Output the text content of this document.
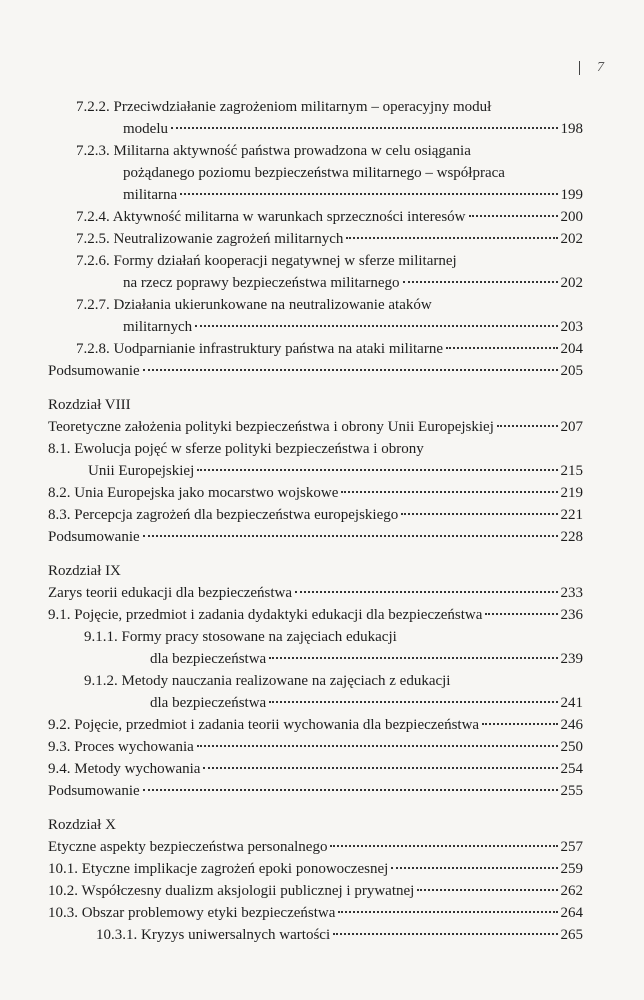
7
7.2.2. Przeciwdziałanie zagrożeniom militarnym – operacyjny moduł
modelu	198
7.2.3. Militarna aktywność państwa prowadzona w celu osiągania
pożądanego poziomu bezpieczeństwa militarnego – współpraca
militarna	199
7.2.4. Aktywność militarna w warunkach sprzeczności interesów	200
7.2.5. Neutralizowanie zagrożeń militarnych	202
7.2.6. Formy działań kooperacji negatywnej w sferze militarnej
na rzecz poprawy bezpieczeństwa militarnego	202
7.2.7. Działania ukierunkowane na neutralizowanie ataków
militarnych	203
7.2.8. Uodparnianie infrastruktury państwa na ataki militarne	204
Podsumowanie	205
Rozdział VIII
Teoretyczne założenia polityki bezpieczeństwa i obrony Unii Europejskiej	207
8.1. Ewolucja pojęć w sferze polityki bezpieczeństwa i obrony
Unii Europejskiej	215
8.2. Unia Europejska jako mocarstwo wojskowe	219
8.3. Percepcja zagrożeń dla bezpieczeństwa europejskiego	221
Podsumowanie	228
Rozdział IX
Zarys teorii edukacji dla bezpieczeństwa	233
9.1. Pojęcie, przedmiot i zadania dydaktyki edukacji dla bezpieczeństwa	236
9.1.1. Formy pracy stosowane na zajęciach edukacji
dla bezpieczeństwa	239
9.1.2. Metody nauczania realizowane na zajęciach z edukacji
dla bezpieczeństwa	241
9.2. Pojęcie, przedmiot i zadania teorii wychowania dla bezpieczeństwa	246
9.3. Proces wychowania	250
9.4. Metody wychowania	254
Podsumowanie	255
Rozdział X
Etyczne aspekty bezpieczeństwa personalnego	257
10.1. Etyczne implikacje zagrożeń epoki ponowoczesnej	259
10.2. Współczesny dualizm aksjologii publicznej i prywatnej	262
10.3. Obszar problemowy etyki bezpieczeństwa	264
10.3.1. Kryzys uniwersalnych wartości	265
